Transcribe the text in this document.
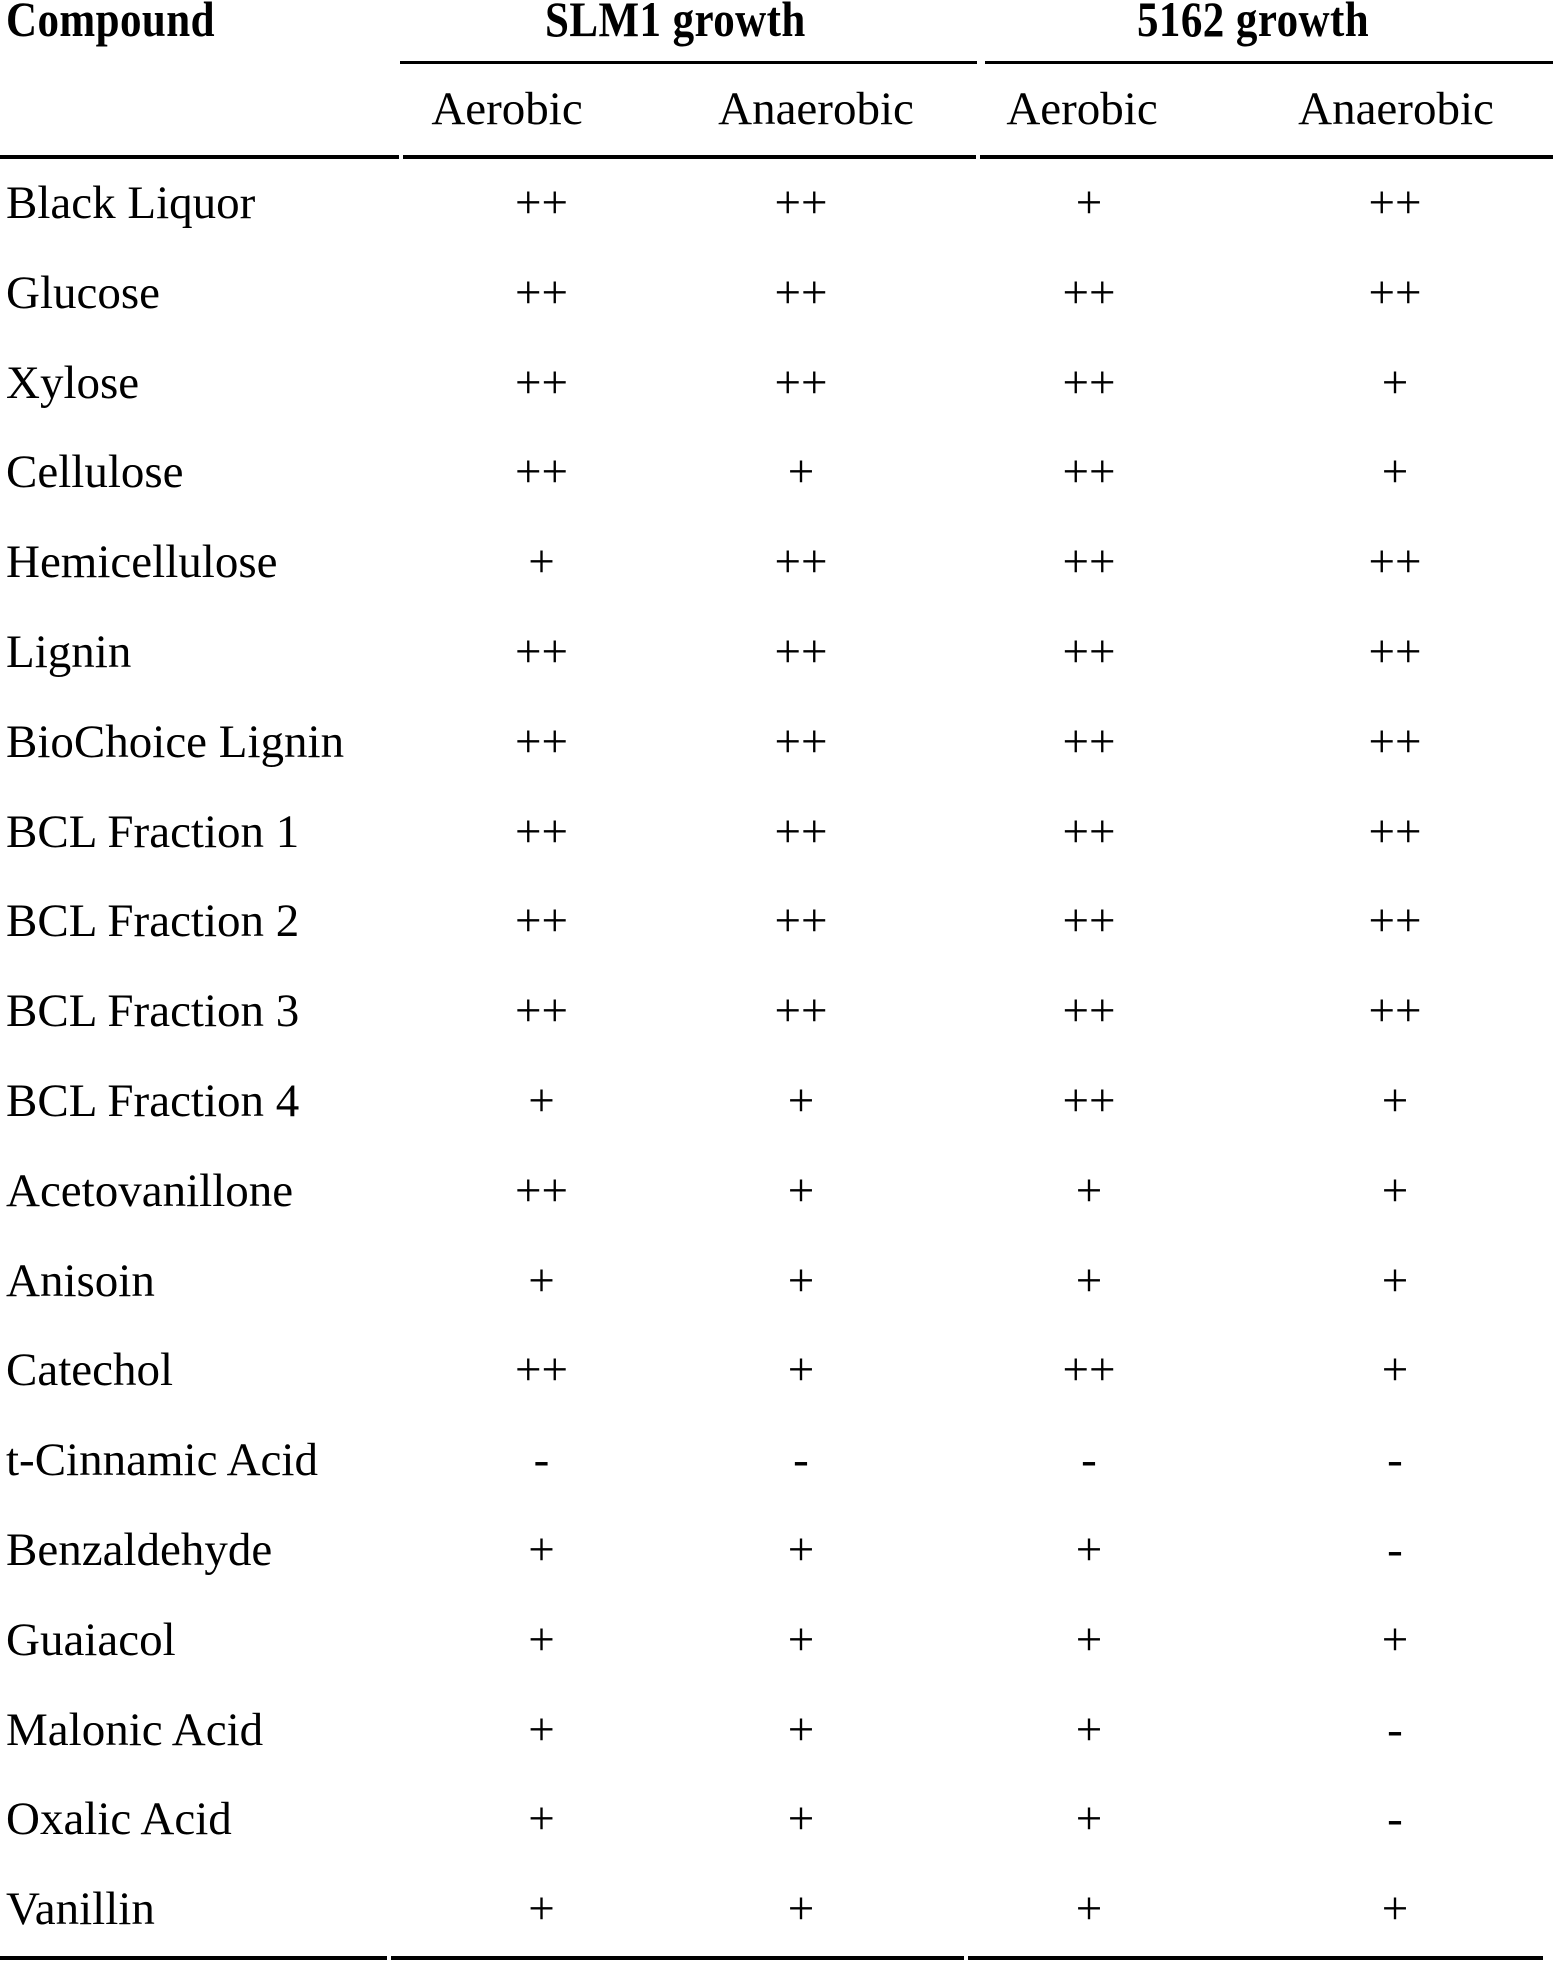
Compound	SLM1 growth	5162 growth
Aerobic	Anaerobic Aerobic	Anaerobic
Black Liquor	++	++	+	++
Glucose	++	++	++	++
Xylose	++	++	++	+
Cellulose	++	+	++	+
Hemicellulose	+	++	++	++
Lignin	++	++	++	++
BioChoice Lignin	++	++	++	++
BCL Fraction 1	++	++	++	++
BCL Fraction 2	++	++	++	++
BCL Fraction 3	++	++	++	++
BCL Fraction 4	+	+	++	+
Acetovanillone	++	+	+	+
Anisoin	+	+	+	+
Catechol	++	+	++	+
t-Cinnamic Acid	-	-	-	-
Benzaldehyde	+	+	+	-
Guaiacol	+	+	+	+
Malonic Acid	+	+	+	-
Oxalic Acid	+	+	+	-
Vanillin	+	+	+	+
